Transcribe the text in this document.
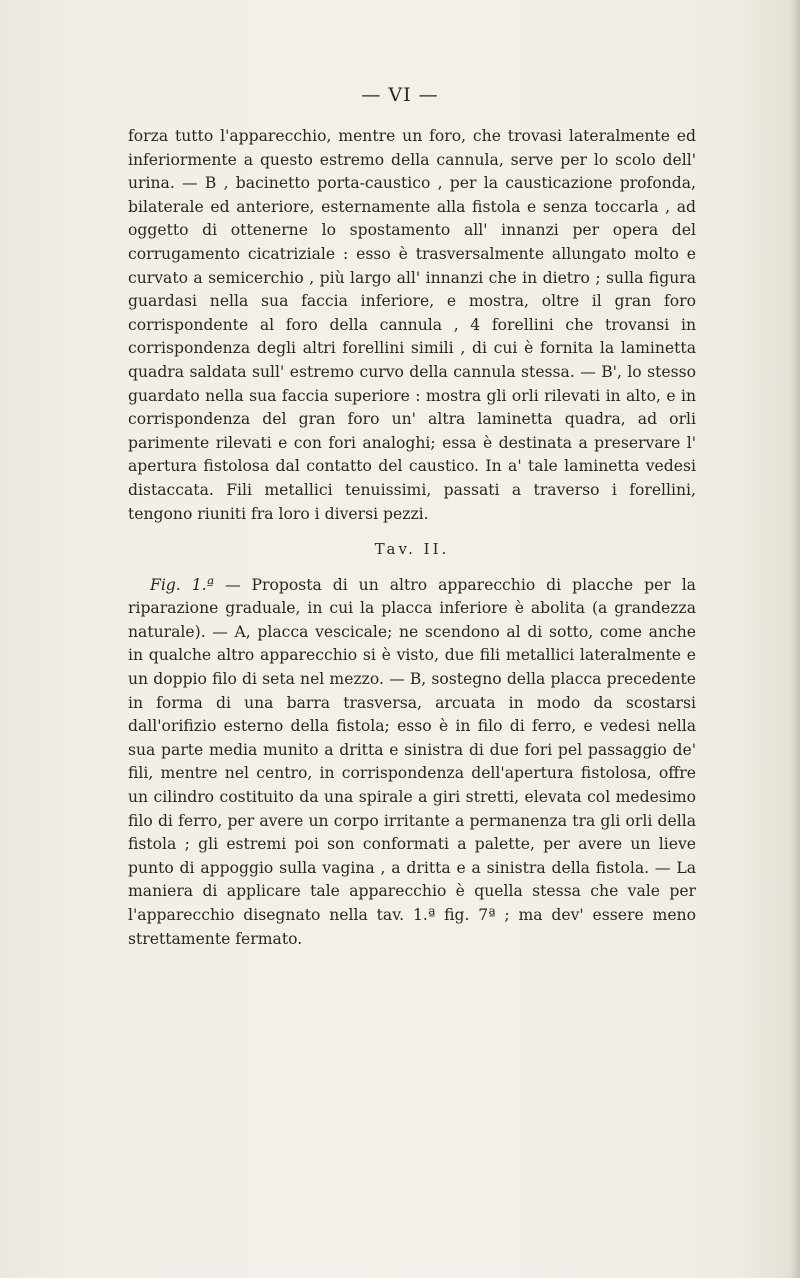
— VI —

forza tutto l'apparecchio, mentre un foro, che trovasi lateralmente ed inferiormente a questo estremo della cannula, serve per lo scolo dell' urina. — B , bacinetto porta-caustico , per la causticazione profonda, bilaterale ed anteriore, esternamente alla fistola e senza toccarla , ad oggetto di ottenerne lo spostamento all' innanzi per opera del corrugamento cicatriziale : esso è trasversalmente allungato molto e curvato a semicerchio , più largo all' innanzi che in dietro ; sulla figura guardasi nella sua faccia inferiore, e mostra, oltre il gran foro corrispondente al foro della cannula , 4 forellini che trovansi in corrispondenza degli altri forellini simili , di cui è fornita la laminetta quadra saldata sull' estremo curvo della cannula stessa. — B', lo stesso guardato nella sua faccia superiore : mostra gli orli rilevati in alto, e in corrispondenza del gran foro un' altra laminetta quadra, ad orli parimente rilevati e con fori analoghi; essa è destinata a preservare l' apertura fistolosa dal contatto del caustico. In a' tale laminetta vedesi distaccata. Fili metallici tenuissimi, passati a traverso i forellini, tengono riuniti fra loro i diversi pezzi.

Tav. II.

Fig. 1.ª — Proposta di un altro apparecchio di placche per la riparazione graduale, in cui la placca inferiore è abolita (a grandezza naturale). — A, placca vescicale; ne scendono al di sotto, come anche in qualche altro apparecchio si è visto, due fili metallici lateralmente e un doppio filo di seta nel mezzo. — B, sostegno della placca precedente in forma di una barra trasversa, arcuata in modo da scostarsi dall'orifizio esterno della fistola; esso è in filo di ferro, e vedesi nella sua parte media munito a dritta e sinistra di due fori pel passaggio de' fili, mentre nel centro, in corrispondenza dell'apertura fistolosa, offre un cilindro costituito da una spirale a giri stretti, elevata col medesimo filo di ferro, per avere un corpo irritante a permanenza tra gli orli della fistola ; gli estremi poi son conformati a palette, per avere un lieve punto di appoggio sulla vagina , a dritta e a sinistra della fistola. — La maniera di applicare tale apparecchio è quella stessa che vale per l'apparecchio disegnato nella tav. 1.ª fig. 7ª ; ma dev' essere meno strettamente fermato.
